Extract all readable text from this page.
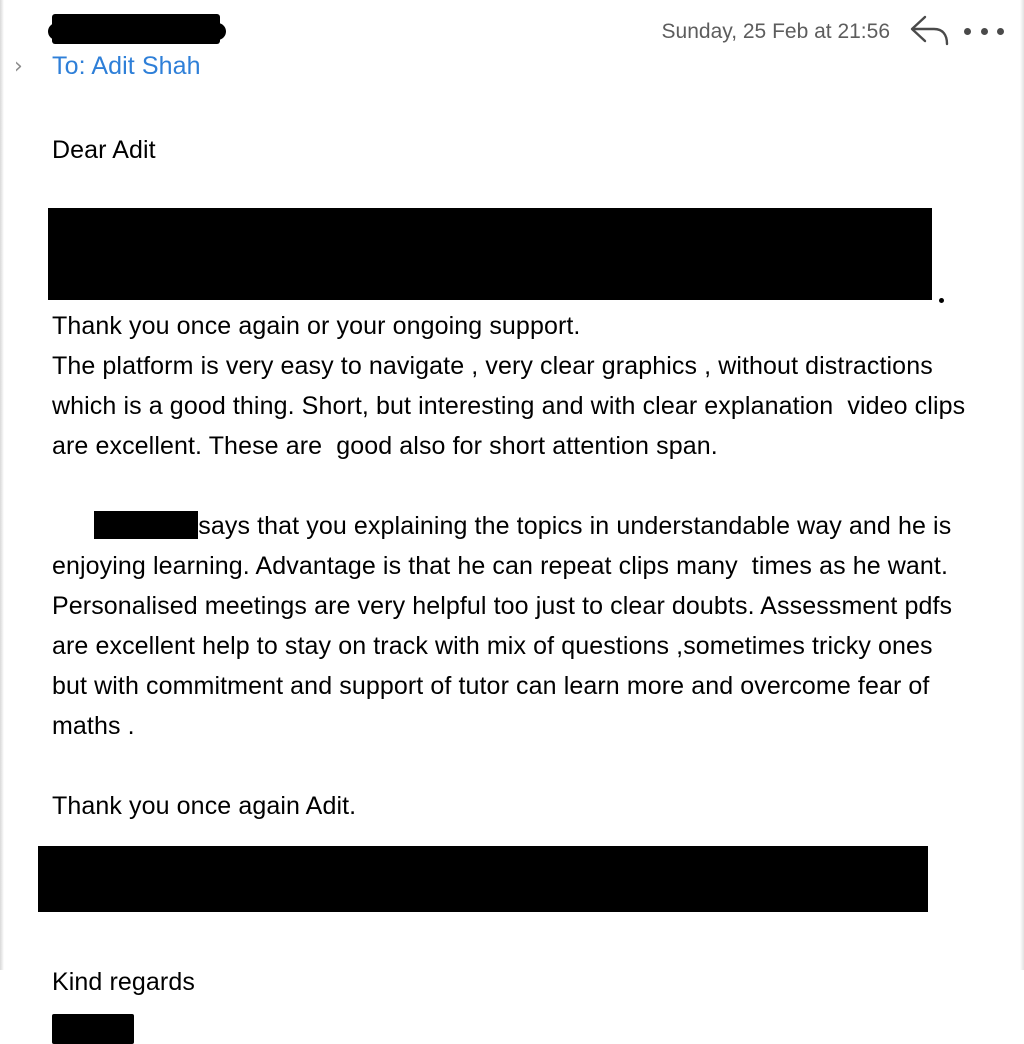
› To: Adit Shah
Sunday, 25 Feb at 21:56

Dear Adit

Thank you once again or your ongoing support.

The platform is very easy to navigate , very clear graphics , without distractions which is a good thing. Short, but interesting and with clear explanation  video clips are excellent. These are  good also for short attention span.

says that you explaining the topics in understandable way and he is enjoying learning. Advantage is that he can repeat clips many  times as he want. Personalised meetings are very helpful too just to clear doubts. Assessment pdfs are excellent help to stay on track with mix of questions ,sometimes tricky ones but with commitment and support of tutor can learn more and overcome fear of maths .

Thank you once again Adit.

Kind regards
